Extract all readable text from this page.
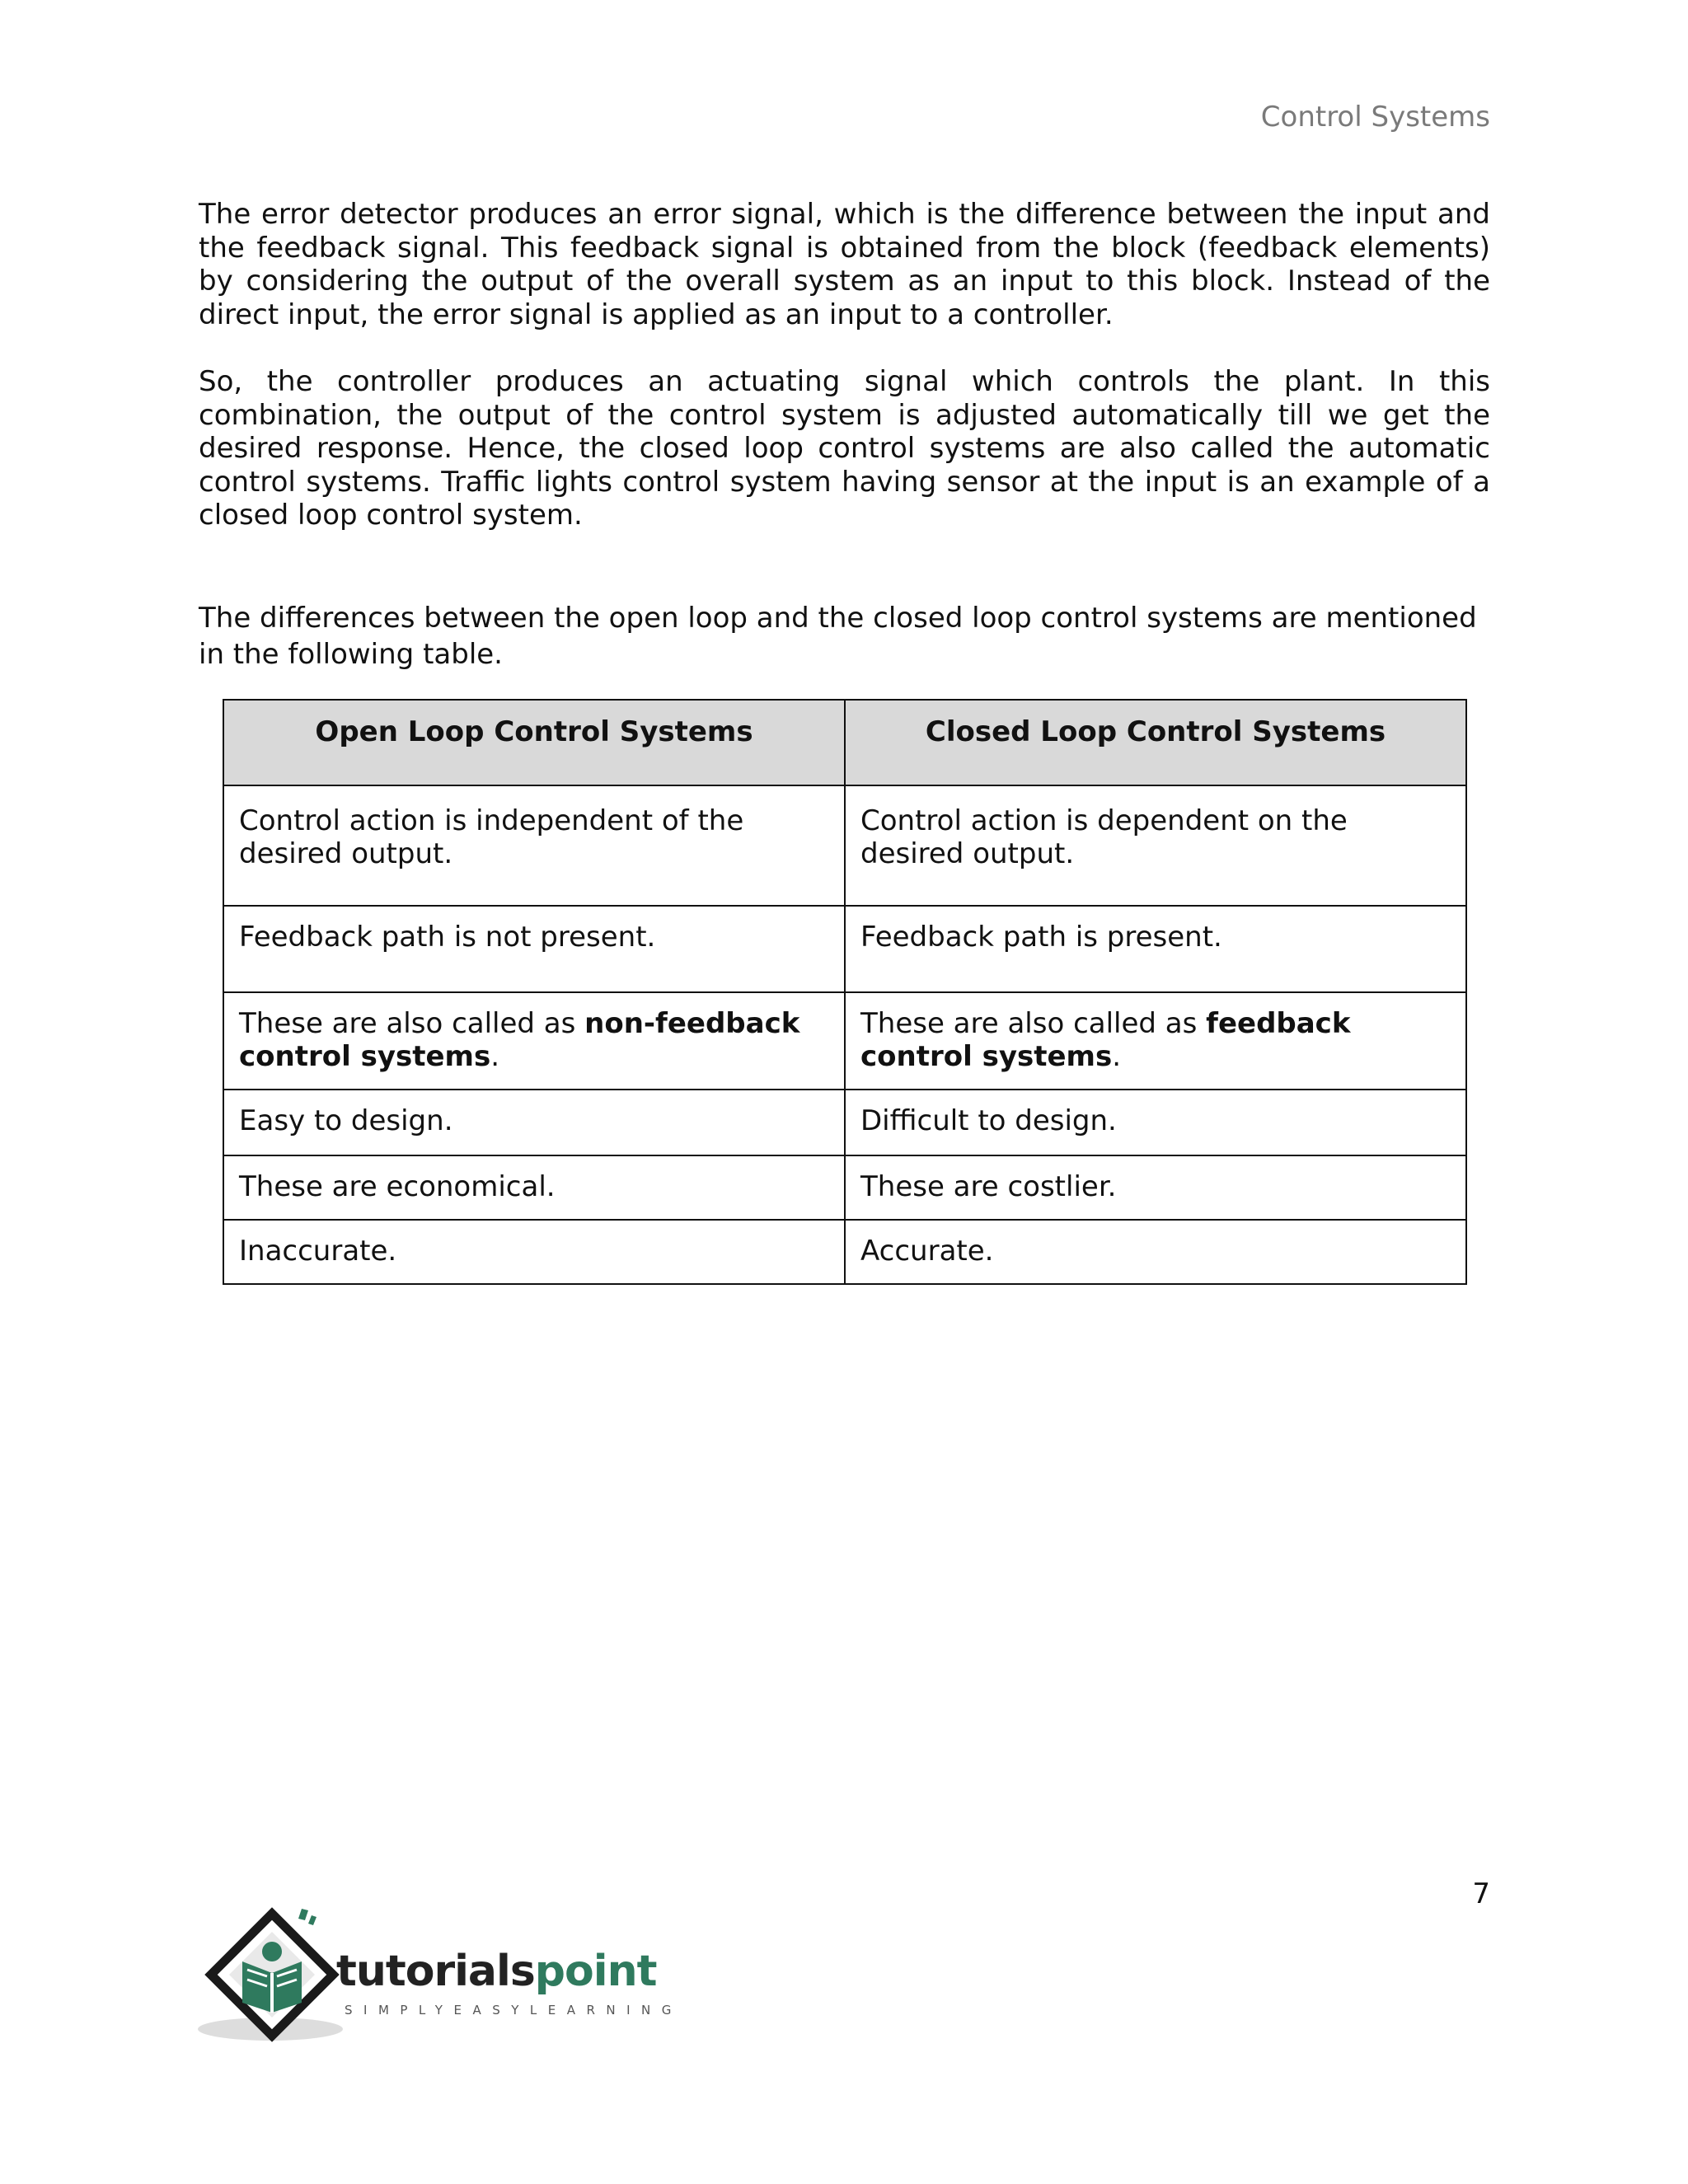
Control Systems

The error detector produces an error signal, which is the difference between the input and the feedback signal. This feedback signal is obtained from the block (feedback elements) by considering the output of the overall system as an input to this block. Instead of the direct input, the error signal is applied as an input to a controller.

So, the controller produces an actuating signal which controls the plant. In this combination, the output of the control system is adjusted automatically till we get the desired response. Hence, the closed loop control systems are also called the automatic control systems. Traffic lights control system having sensor at the input is an example of a closed loop control system.

The differences between the open loop and the closed loop control systems are mentioned in the following table.

Open Loop Control Systems	Closed Loop Control Systems
Control action is independent of the desired output.	Control action is dependent on the desired output.
Feedback path is not present.	Feedback path is present.
These are also called as non-feedback control systems.	These are also called as feedback control systems.
Easy to design.	Difficult to design.
These are economical.	These are costlier.
Inaccurate.	Accurate.
7
tutorialspoint
SIMPLYEASYLEARNING
